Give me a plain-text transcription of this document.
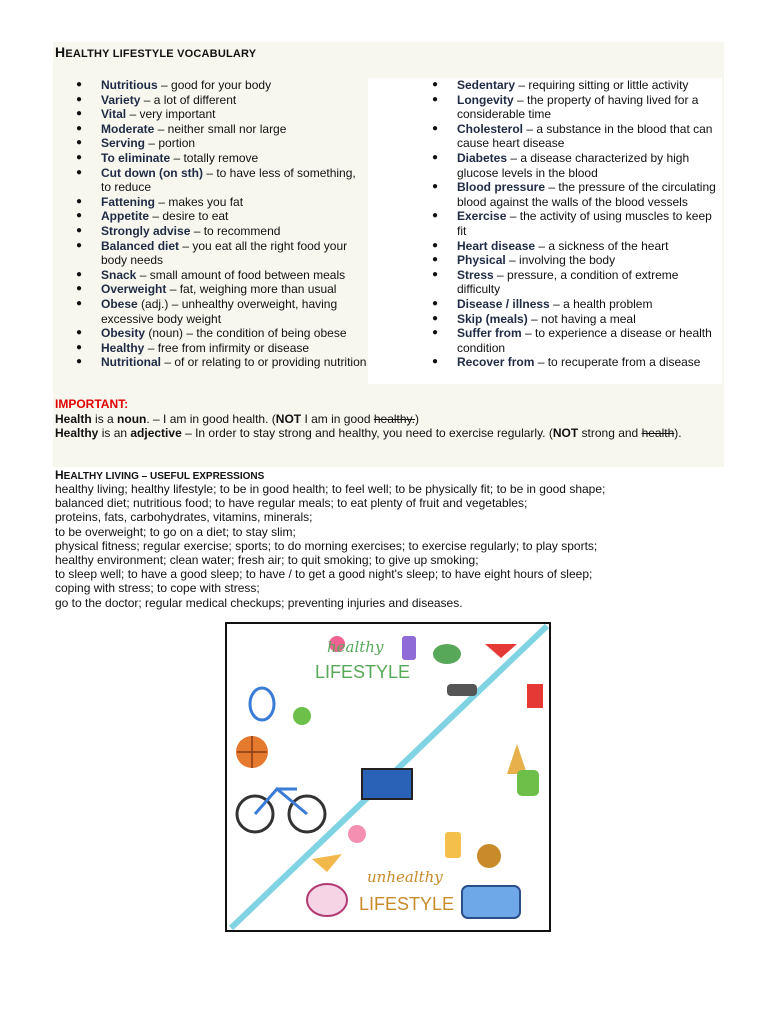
HEALTHY LIFESTYLE VOCABULARY
●	Nutritious – good for your body
●	Variety – a lot of different
●	Vital – very important
●	Moderate – neither small nor large
●	Serving – portion
●	To eliminate – totally remove
●	Cut down (on sth) – to have less of something, to reduce
●	Fattening – makes you fat
●	Appetite – desire to eat
●	Strongly advise – to recommend
●	Balanced diet – you eat all the right food your body needs
●	Snack – small amount of food between meals
●	Overweight – fat, weighing more than usual
●	Obese (adj.) – unhealthy overweight, having excessive body weight
●	Obesity (noun) – the condition of being obese
●	Healthy – free from infirmity or disease
●	Nutritional – of or relating to or providing nutrition
●	Sedentary – requiring sitting or little activity
●	Longevity – the property of having lived for a considerable time
●	Cholesterol – a substance in the blood that can cause heart disease
●	Diabetes – a disease characterized by high glucose levels in the blood
●	Blood pressure – the pressure of the circulating blood against the walls of the blood vessels
●	Exercise – the activity of using muscles to keep fit
●	Heart disease – a sickness of the heart
●	Physical – involving the body
●	Stress – pressure, a condition of extreme difficulty
●	Disease / illness – a health problem
●	Skip (meals) – not having a meal
●	Suffer from – to experience a disease or health condition
●	Recover from – to recuperate from a disease
IMPORTANT:
Health is a noun. – I am in good health. (NOT I am in good healthy.)
Healthy is an adjective – In order to stay strong and healthy, you need to exercise regularly. (NOT strong and health).
HEALTHY LIVING – USEFUL EXPRESSIONS
healthy living; healthy lifestyle; to be in good health; to feel well; to be physically fit; to be in good shape;
balanced diet; nutritious food; to have regular meals; to eat plenty of fruit and vegetables;
proteins, fats, carbohydrates, vitamins, minerals;
to be overweight; to go on a diet; to stay slim;
physical fitness; regular exercise; sports; to do morning exercises; to exercise regularly; to play sports;
healthy environment; clean water; fresh air; to quit smoking; to give up smoking;
to sleep well; to have a good sleep; to have / to get a good night's sleep; to have eight hours of sleep;
coping with stress; to cope with stress;
go to the doctor; regular medical checkups; preventing injuries and diseases.
healthy
LIFESTYLE
unhealthy
LIFESTYLE
